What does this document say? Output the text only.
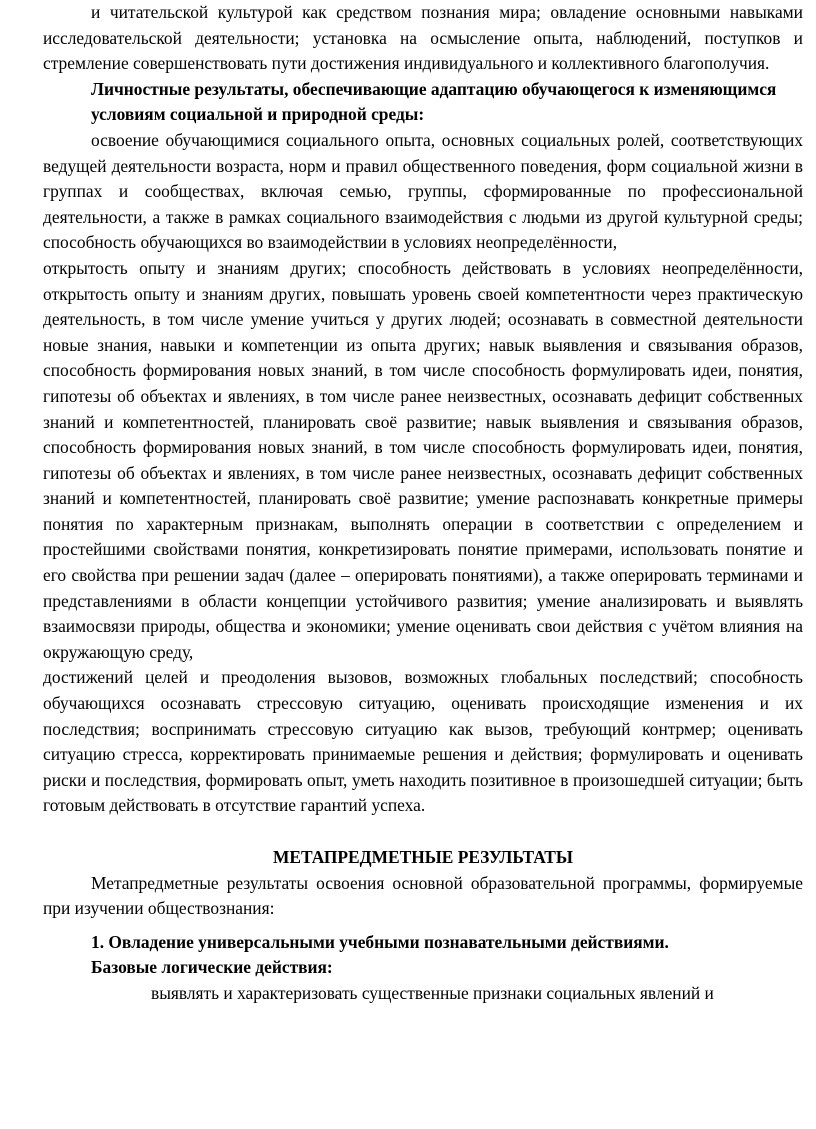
и читательской культурой как средством познания мира; овладение основными навыками исследовательской деятельности; установка на осмысление опыта, наблюдений, поступков и стремление совершенствовать пути достижения индивидуального и коллективного благополучия.

Личностные результаты, обеспечивающие адаптацию обучающегося к изменяющимся условиям социальной и природной среды:

освоение обучающимися социального опыта, основных социальных ролей, соответствующих ведущей деятельности возраста, норм и правил общественного поведения, форм социальной жизни в группах и сообществах, включая семью, группы, сформированные по профессиональной деятельности, а также в рамках социального взаимодействия с людьми из другой культурной среды; способность обучающихся во взаимодействии в условиях неопределённости,

открытость опыту и знаниям других; способность действовать в условиях неопределённости, открытость опыту и знаниям других, повышать уровень своей компетентности через практическую деятельность, в том числе умение учиться у других людей; осознавать в совместной деятельности новые знания, навыки и компетенции из опыта других; навык выявления и связывания образов, способность формирования новых знаний, в том числе способность формулировать идеи, понятия, гипотезы об объектах и явлениях, в том числе ранее неизвестных, осознавать дефицит собственных знаний и компетентностей, планировать своё развитие; навык выявления и связывания образов, способность формирования новых знаний, в том числе способность формулировать идеи, понятия, гипотезы об объектах и явлениях, в том числе ранее неизвестных, осознавать дефицит собственных знаний и компетентностей, планировать своё развитие; умение распознавать конкретные примеры понятия по характерным признакам, выполнять операции в соответствии с определением и простейшими свойствами понятия, конкретизировать понятие примерами, использовать понятие и его свойства при решении задач (далее – оперировать понятиями), а также оперировать терминами и представлениями в области концепции устойчивого развития; умение анализировать и выявлять взаимосвязи природы, общества и экономики; умение оценивать свои действия с учётом влияния на окружающую среду,

достижений целей и преодоления вызовов, возможных глобальных последствий; способность обучающихся осознавать стрессовую ситуацию, оценивать происходящие изменения и их последствия; воспринимать стрессовую ситуацию как вызов, требующий контрмер; оценивать ситуацию стресса, корректировать принимаемые решения и действия; формулировать и оценивать риски и последствия, формировать опыт, уметь находить позитивное в произошедшей ситуации; быть готовым действовать в отсутствие гарантий успеха.

МЕТАПРЕДМЕТНЫЕ РЕЗУЛЬТАТЫ

Метапредметные результаты освоения основной образовательной программы, формируемые при изучении обществознания:

1. Овладение универсальными учебными познавательными действиями.

Базовые логические действия:

выявлять и характеризовать существенные признаки социальных явлений и
